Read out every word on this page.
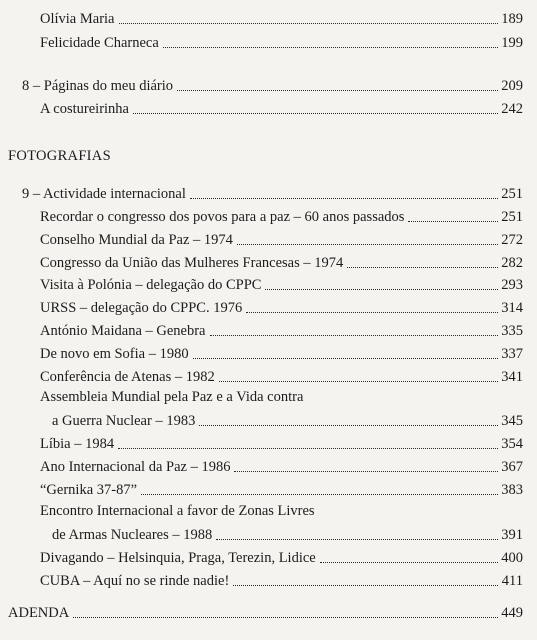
Olívia Maria	189
Felicidade Charneca	199
8 – Páginas do meu diário	209
A costureirinha	242
FOTOGRAFIAS
9 – Actividade internacional	251
Recordar o congresso dos povos para a paz – 60 anos passados	251
Conselho Mundial da Paz – 1974	272
Congresso da União das Mulheres Francesas – 1974	282
Visita à Polónia – delegação do CPPC	293
URSS – delegação do CPPC. 1976	314
António Maidana – Genebra	335
De novo em Sofia – 1980	337
Conferência de Atenas – 1982	341
Assembleia Mundial pela Paz e a Vida contra
a Guerra Nuclear – 1983	345
Líbia – 1984	354
Ano Internacional da Paz – 1986	367
“Gernika 37-87”	383
Encontro Internacional a favor de Zonas Livres
de Armas Nucleares – 1988	391
Divagando – Helsinquia, Praga, Terezin, Lidice	400
CUBA – Aquí no se rinde nadie!	411
ADENDA	449
